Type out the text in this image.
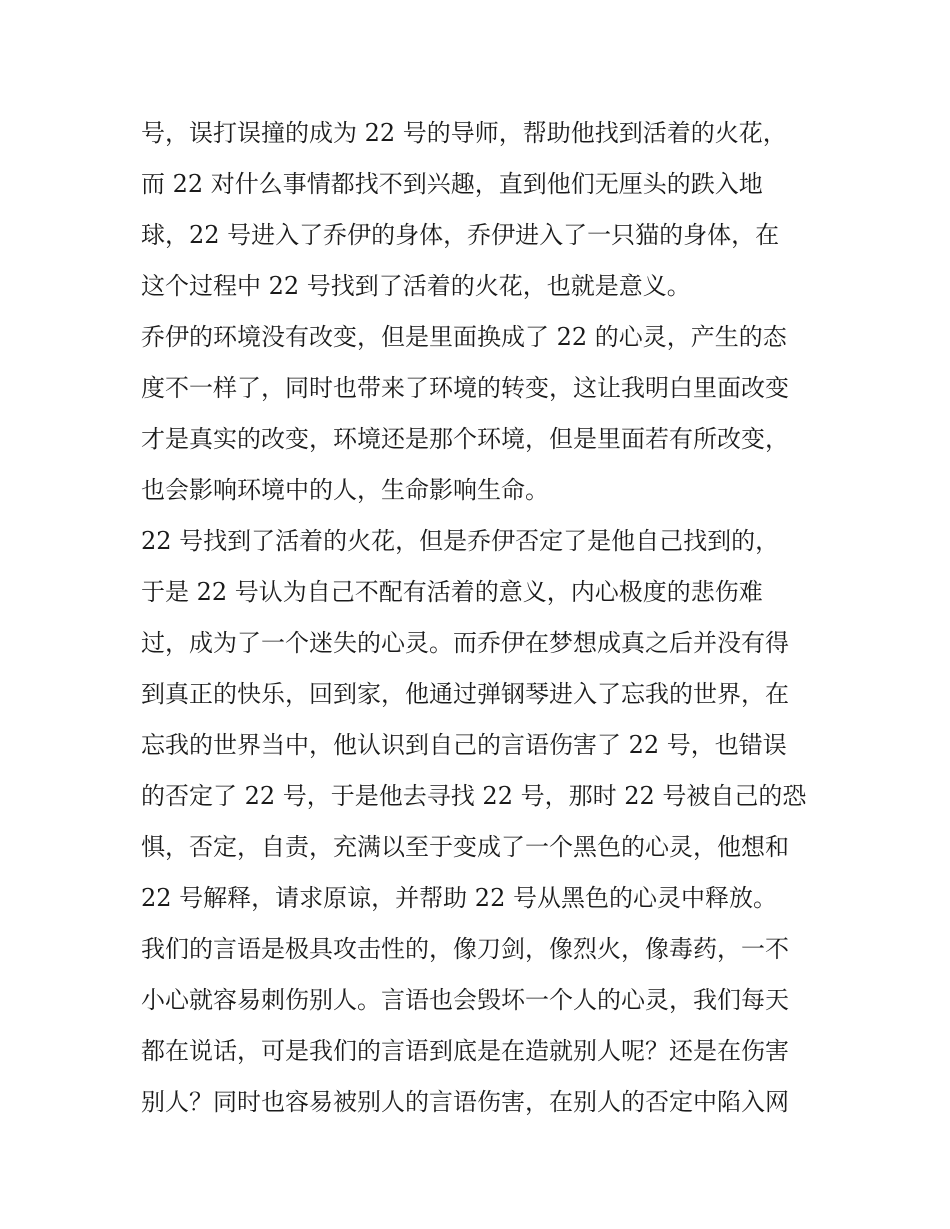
号，误打误撞的成为 22 号的导师，帮助他找到活着的火花，
而 22 对什么事情都找不到兴趣，直到他们无厘头的跌入地
球，22 号进入了乔伊的身体，乔伊进入了一只猫的身体，在
这个过程中 22 号找到了活着的火花，也就是意义。
乔伊的环境没有改变，但是里面换成了 22 的心灵，产生的态
度不一样了，同时也带来了环境的转变，这让我明白里面改变
才是真实的改变，环境还是那个环境，但是里面若有所改变，
也会影响环境中的人，生命影响生命。
22 号找到了活着的火花，但是乔伊否定了是他自己找到的，
于是 22 号认为自己不配有活着的意义，内心极度的悲伤难
过，成为了一个迷失的心灵。而乔伊在梦想成真之后并没有得
到真正的快乐，回到家，他通过弹钢琴进入了忘我的世界，在
忘我的世界当中，他认识到自己的言语伤害了 22 号，也错误
的否定了 22 号，于是他去寻找 22 号，那时 22 号被自己的恐
惧，否定，自责，充满以至于变成了一个黑色的心灵，他想和
22 号解释，请求原谅，并帮助 22 号从黑色的心灵中释放。
我们的言语是极具攻击性的，像刀剑，像烈火，像毒药，一不
小心就容易刺伤别人。言语也会毁坏一个人的心灵，我们每天
都在说话，可是我们的言语到底是在造就别人呢？还是在伤害
别人？同时也容易被别人的言语伤害，在别人的否定中陷入网
